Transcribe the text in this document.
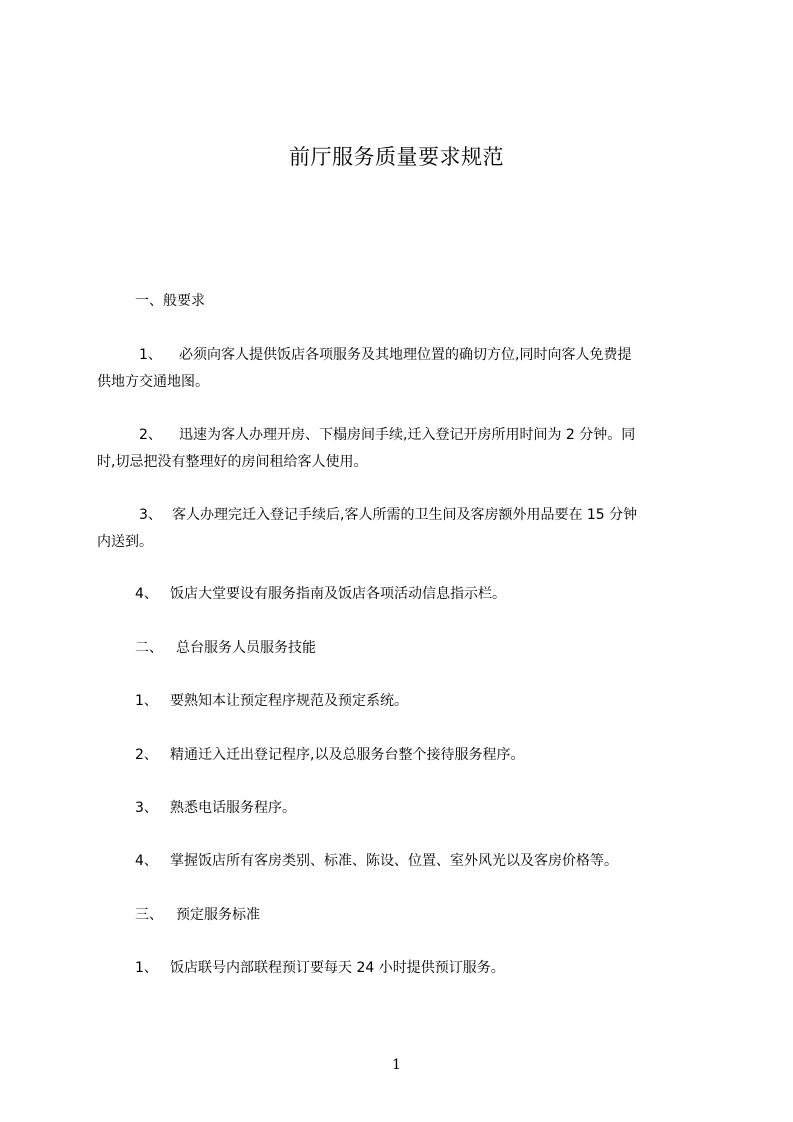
前厅服务质量要求规范
一、般要求
1、 必须向客人提供饭店各项服务及其地理位置的确切方位,同时向客人免费提
供地方交通地图。
2、 迅速为客人办理开房、下榻房间手续,迁入登记开房所用时间为 2 分钟。同
时,切忌把没有整理好的房间租给客人使用。
3、 客人办理完迁入登记手续后,客人所需的卫生间及客房额外用品要在 15 分钟
内送到。
4、 饭店大堂要设有服务指南及饭店各项活动信息指示栏。
二、 总台服务人员服务技能
1、 要熟知本让预定程序规范及预定系统。
2、 精通迁入迁出登记程序,以及总服务台整个接待服务程序。
3、 熟悉电话服务程序。
4、 掌握饭店所有客房类别、标准、陈设、位置、室外风光以及客房价格等。
三、 预定服务标准
1、 饭店联号内部联程预订要每天 24 小时提供预订服务。
1
